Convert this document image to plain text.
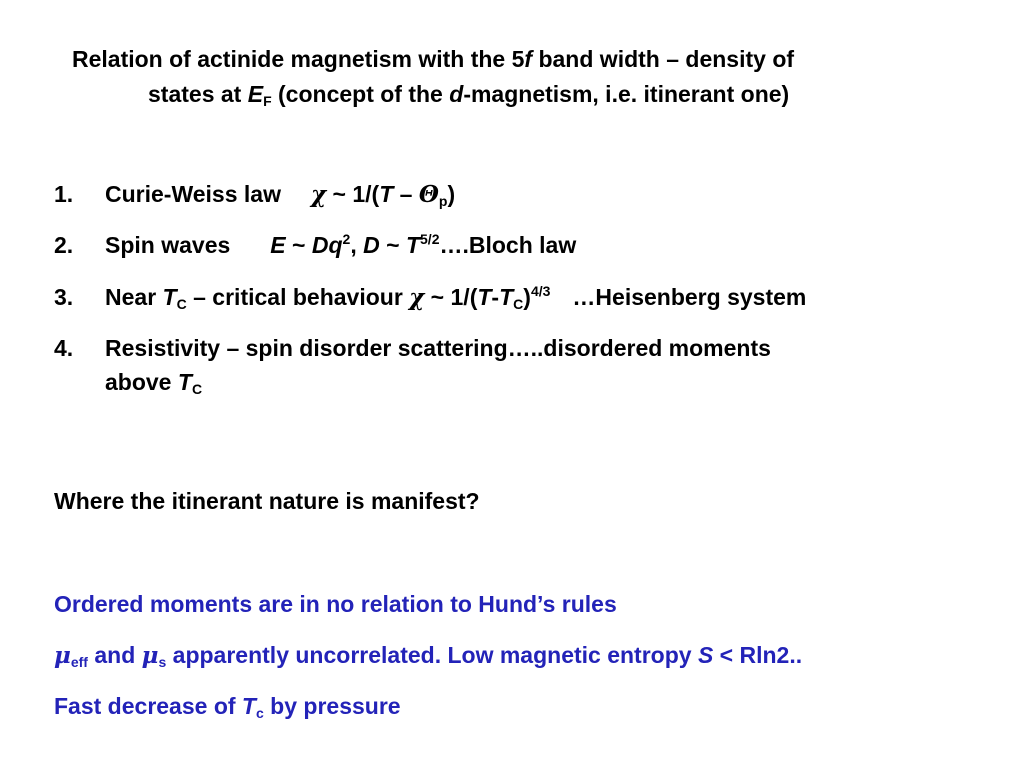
Relation of actinide magnetism with the 5f band width – density of
states at $E_F$ (concept of the d-magnetism, i.e. itinerant one)
1. Curie-Weiss law χ ~ $1/(T - \Theta_p)$
2. Spin waves E ~ Dq$^2$, D ~ $T^{5/2}\dots.Bloch$ law
3. Near $T_C$ – critical behaviour χ ~ $1/(T-T_C)^{4/3}$ …Heisenberg system
4. Resistivity – spin disorder scattering…..disordered moments
above $T_C$
Where the itinerant nature is manifest?
Ordered moments are in no relation to Hund’s rules
$\mu_{eff}$ and $\mu_s$ apparently uncorrelated. Low magnetic entropy S < Rln2..
Fast decrease of $T_c$ by pressure
